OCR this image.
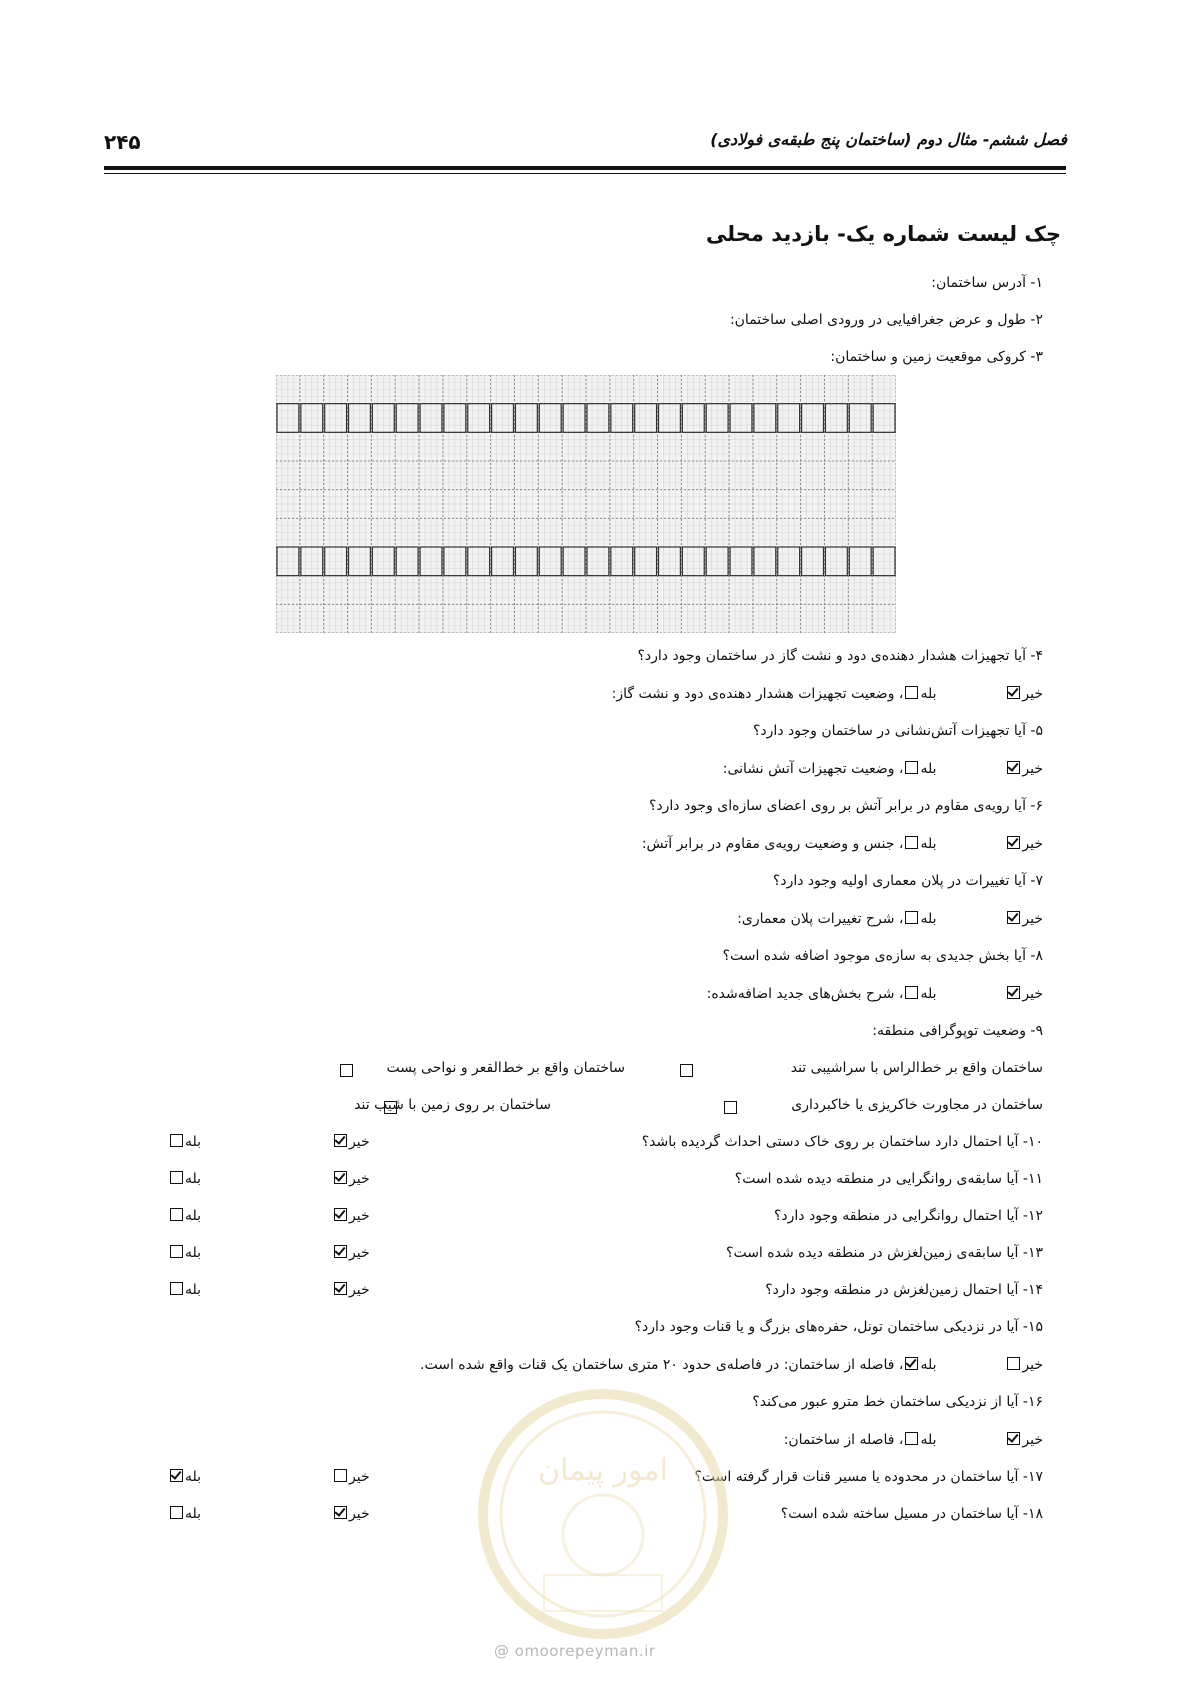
فصل ششم- مثال دوم (ساختمان پنج طبقه‌ی فولادی)
۲۴۵
چک لیست شماره یک- بازدید محلی
۱- آدرس ساختمان:
۲- طول و عرض جغرافیایی در ورودی اصلی ساختمان:
۳- کروکی موقعیت زمین و ساختمان:
۴- آیا تجهیزات هشدار دهنده‌ی دود و نشت گاز در ساختمان وجود دارد؟
خیر  بله، وضعیت تجهیزات هشدار دهنده‌ی دود و نشت گاز:
۵- آیا تجهیزات آتش‌نشانی در ساختمان وجود دارد؟
خیر  بله، وضعیت تجهیزات آتش نشانی:
۶- آیا رویه‌ی مقاوم در برابر آتش بر روی اعضای سازه‌ای وجود دارد؟
خیر  بله، جنس و وضعیت رویه‌ی مقاوم در برابر آتش:
۷- آیا تغییرات در پلان معماری اولیه وجود دارد؟
خیر  بله، شرح تغییرات پلان معماری:
۸- آیا بخش جدیدی به سازه‌ی موجود اضافه شده است؟
خیر  بله، شرح بخش‌های جدید اضافه‌شده:
۹- وضعیت توپوگرافی منطقه:
ساختمان واقع بر خط‌الراس با سراشیبی تند

ساختمان واقع بر خط‌القعر و نواحی پست

ساختمان در مجاورت خاکریزی یا خاکبرداری

ساختمان بر روی زمین با شیب تند
۱۰- آیا احتمال دارد ساختمان بر روی خاک دستی احداث گردیده باشد؟
خیر
بله
۱۱- آیا سابقه‌ی روانگرایی در منطقه دیده شده است؟
خیر
بله
۱۲- آیا احتمال روانگرایی در منطقه وجود دارد؟
خیر
بله
۱۳- آیا سابقه‌ی زمین‌لغزش در منطقه دیده شده است؟
خیر
بله
۱۴- آیا احتمال زمین‌لغزش در منطقه وجود دارد؟
خیر
بله
۱۵- آیا در نزدیکی ساختمان تونل، حفره‌های بزرگ و یا قنات وجود دارد؟
خیر  بله، فاصله از ساختمان: در فاصله‌ی حدود ۲۰ متری ساختمان یک قنات واقع شده است.
۱۶- آیا از نزدیکی ساختمان خط مترو عبور می‌کند؟
خیر  بله، فاصله از ساختمان:
۱۷- آیا ساختمان در محدوده یا مسیر قنات قرار گرفته است؟
خیر
بله
۱۸- آیا ساختمان در مسیل ساخته شده است؟
خیر
بله
امور پیمان
@ omoorepeyman.ir
